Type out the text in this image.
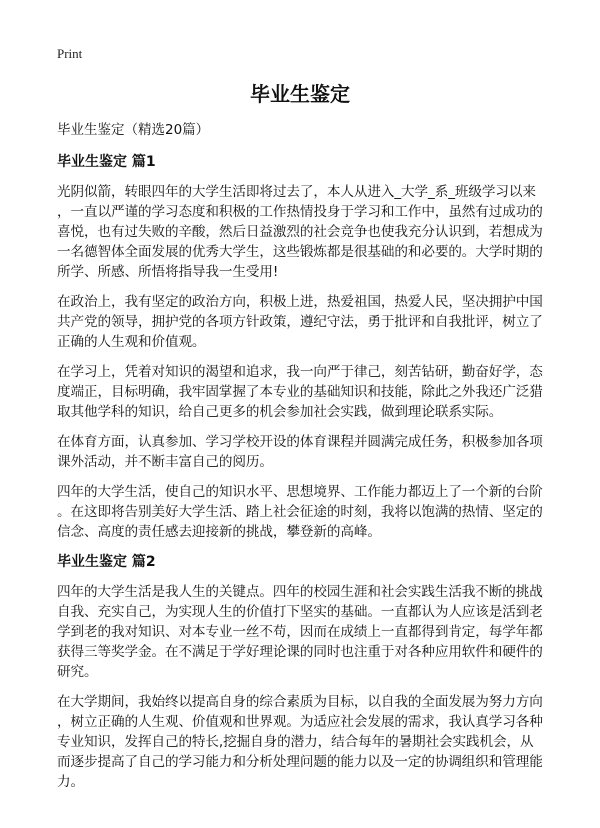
Print
毕业生鉴定
毕业生鉴定（精选20篇）
毕业生鉴定 篇1
光阴似箭，转眼四年的大学生活即将过去了，本人从进入_大学_系_班级学习以来
，一直以严谨的学习态度和积极的工作热情投身于学习和工作中，虽然有过成功的
喜悦，也有过失败的辛酸，然后日益激烈的社会竞争也使我充分认识到，若想成为
一名德智体全面发展的优秀大学生，这些锻炼都是很基础的和必要的。大学时期的
所学、所感、所悟将指导我一生受用!
在政治上，我有坚定的政治方向，积极上进，热爱祖国，热爱人民，坚决拥护中国
共产党的领导，拥护党的各项方针政策，遵纪守法，勇于批评和自我批评，树立了
正确的人生观和价值观。
在学习上，凭着对知识的渴望和追求，我一向严于律己，刻苦钻研，勤奋好学，态
度端正，目标明确，我牢固掌握了本专业的基础知识和技能，除此之外我还广泛猎
取其他学科的知识，给自己更多的机会参加社会实践，做到理论联系实际。
在体育方面，认真参加、学习学校开设的体育课程并圆满完成任务，积极参加各项
课外活动，并不断丰富自己的阅历。
四年的大学生活，使自己的知识水平、思想境界、工作能力都迈上了一个新的台阶
。在这即将告别美好大学生活、踏上社会征途的时刻，我将以饱满的热情、坚定的
信念、高度的责任感去迎接新的挑战，攀登新的高峰。
毕业生鉴定 篇2
四年的大学生活是我人生的关键点。四年的校园生涯和社会实践生活我不断的挑战
自我、充实自己，为实现人生的价值打下坚实的基础。一直都认为人应该是活到老
学到老的我对知识、对本专业一丝不苟，因而在成绩上一直都得到肯定，每学年都
获得三等奖学金。在不满足于学好理论课的同时也注重于对各种应用软件和硬件的
研究。
在大学期间，我始终以提高自身的综合素质为目标，以自我的全面发展为努力方向
，树立正确的人生观、价值观和世界观。为适应社会发展的需求，我认真学习各种
专业知识，发挥自己的特长,挖掘自身的潜力，结合每年的暑期社会实践机会，从
而逐步提高了自己的学习能力和分析处理问题的能力以及一定的协调组织和管理能
力。
